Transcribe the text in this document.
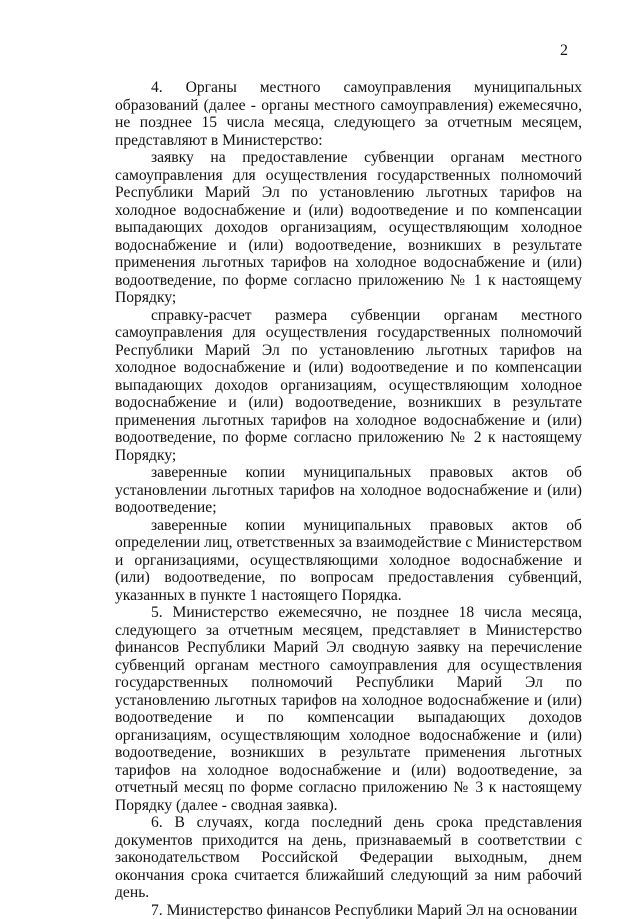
2

4. Органы местного самоуправления муниципальных образований (далее - органы местного самоуправления) ежемесячно, не позднее 15 числа месяца, следующего за отчетным месяцем, представляют в Министерство:

заявку на предоставление субвенции органам местного самоуправления для осуществления государственных полномочий Республики Марий Эл по установлению льготных тарифов на холодное водоснабжение и (или) водоотведение и по компенсации выпадающих доходов организациям, осуществляющим холодное водоснабжение и (или) водоотведение, возникших в результате применения льготных тарифов на холодное водоснабжение и (или) водоотведение, по форме согласно приложению № 1 к настоящему Порядку;

справку-расчет размера субвенции органам местного самоуправления для осуществления государственных полномочий Республики Марий Эл по установлению льготных тарифов на холодное водоснабжение и (или) водоотведение и по компенсации выпадающих доходов организациям, осуществляющим холодное водоснабжение и (или) водоотведение, возникших в результате применения льготных тарифов на холодное водоснабжение и (или) водоотведение, по форме согласно приложению № 2 к настоящему Порядку;

заверенные копии муниципальных правовых актов об установлении льготных тарифов на холодное водоснабжение и (или) водоотведение;

заверенные копии муниципальных правовых актов об определении лиц, ответственных за взаимодействие с Министерством и организациями, осуществляющими холодное водоснабжение и (или) водоотведение, по вопросам предоставления субвенций, указанных в пункте 1 настоящего Порядка.

5. Министерство ежемесячно, не позднее 18 числа месяца, следующего за отчетным месяцем, представляет в Министерство финансов Республики Марий Эл сводную заявку на перечисление субвенций органам местного самоуправления для осуществления государственных полномочий Республики Марий Эл по установлению льготных тарифов на холодное водоснабжение и (или) водоотведение и по компенсации выпадающих доходов организациям, осуществляющим холодное водоснабжение и (или) водоотведение, возникших в результате применения льготных тарифов на холодное водоснабжение и (или) водоотведение, за отчетный месяц по форме согласно приложению № 3 к настоящему Порядку (далее - сводная заявка).

6. В случаях, когда последний день срока представления документов приходится на день, признаваемый в соответствии с законодательством Российской Федерации выходным, днем окончания срока считается ближайший следующий за ним рабочий день.

7. Министерство финансов Республики Марий Эл на основании
